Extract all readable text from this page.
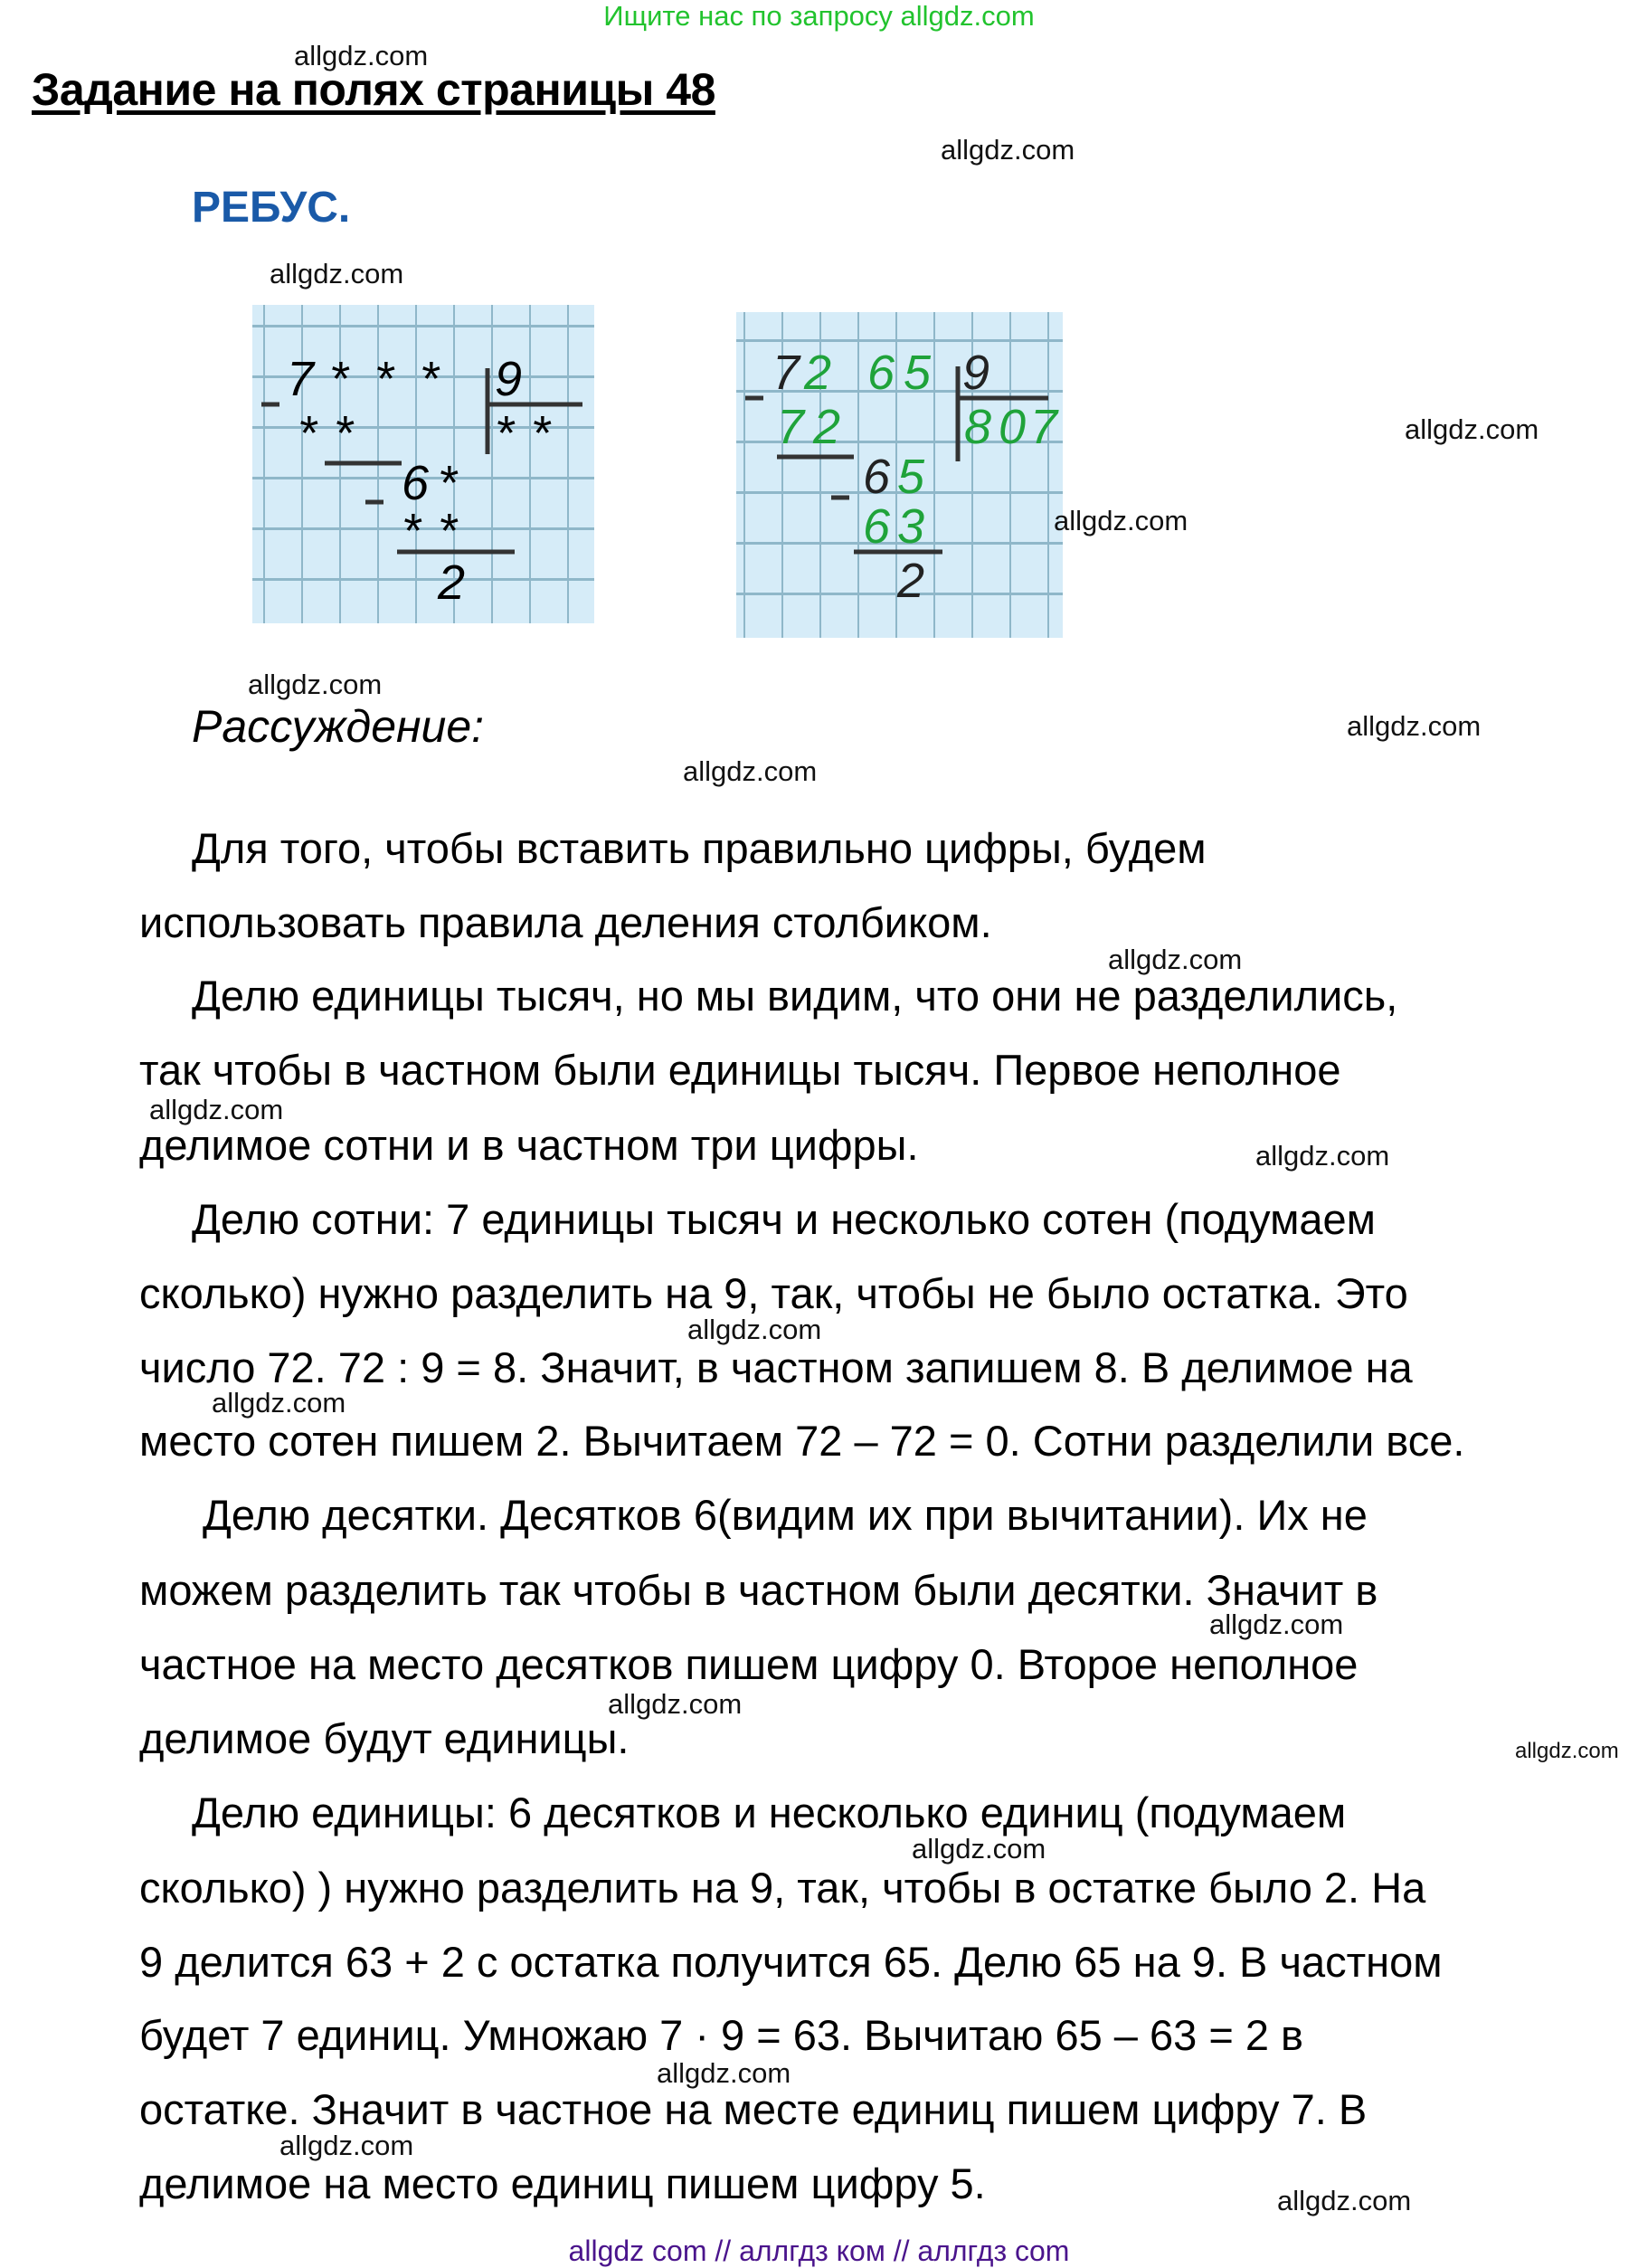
Ищите нас по запросу allgdz.com
Задание на полях страницы 48
РЕБУС.
7 * * * 9
* *	* *
6 *
* *
2
7 2 6 5 9
7 2	8 0 7
6 5
6 3
2
Рассуждение:
Для того, чтобы вставить правильно цифры, будем
использовать правила деления столбиком.
Делю единицы тысяч, но мы видим, что они не разделились,
так чтобы в частном были единицы тысяч. Первое неполное
делимое сотни и в частном три цифры.
Делю сотни: 7 единицы тысяч и несколько сотен (подумаем
сколько) нужно разделить на 9, так, чтобы не было остатка. Это
число 72. 72 : 9 = 8. Значит, в частном запишем 8. В делимое на
место сотен пишем 2. Вычитаем 72 – 72 = 0. Сотни разделили все.
Делю десятки. Десятков 6(видим их при вычитании). Их не
можем разделить так чтобы в частном были десятки. Значит в
частное на место десятков пишем цифру 0. Второе неполное
делимое будут единицы.
Делю единицы: 6 десятков и несколько единиц (подумаем
сколько) ) нужно разделить на 9, так, чтобы в остатке было 2. На
9 делится 63 + 2 с остатка получится 65. Делю 65 на 9. В частном
будет 7 единиц. Умножаю 7 · 9 = 63. Вычитаю 65 – 63 = 2 в
остатке. Значит в частное на месте единиц пишем цифру 7. В
делимое на место единиц пишем цифру 5.
allgdz.com
allgdz.com
allgdz.com
allgdz.com
allgdz.com
allgdz.com
allgdz.com
allgdz.com
allgdz.com
allgdz.com
allgdz.com
allgdz.com
allgdz.com
allgdz.com
allgdz.com
allgdz.com
allgdz.com
allgdz.com
allgdz.com
allgdz.com
allgdz com // аллгдз ком // аллгдз com
